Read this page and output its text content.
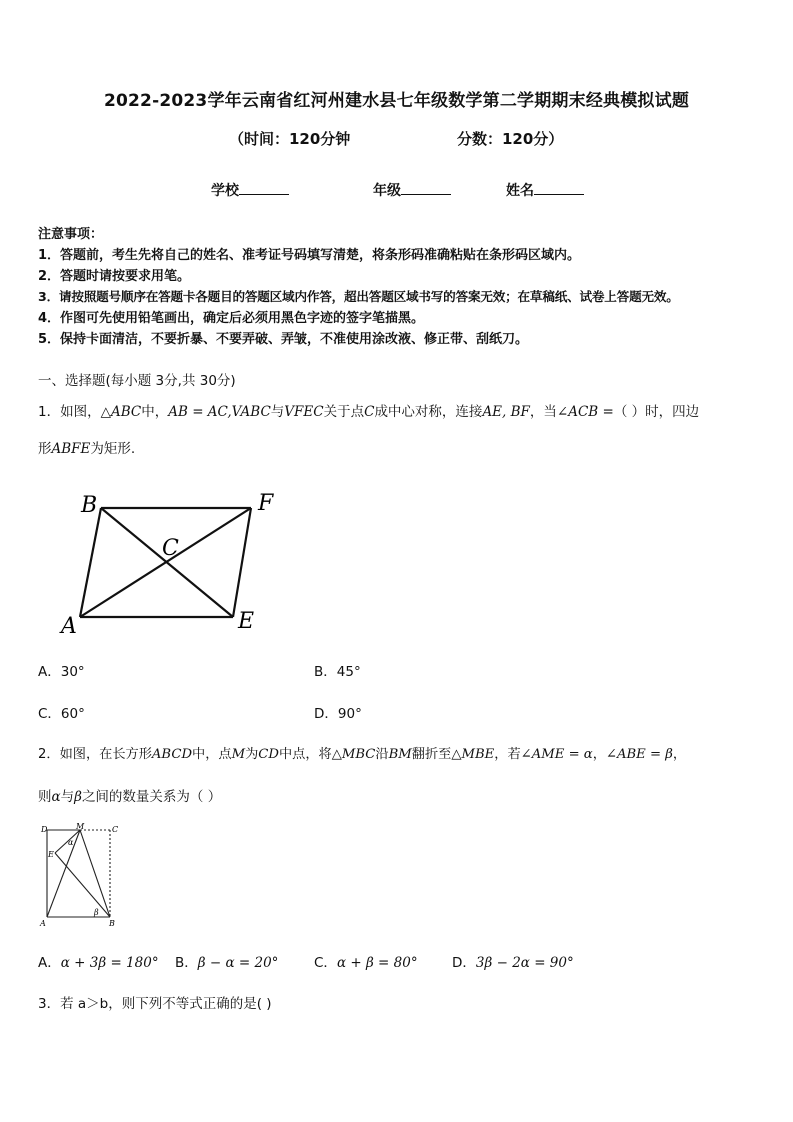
2022-2023学年云南省红河州建水县七年级数学第二学期期末经典模拟试题
（时间：120分钟	分数：120分）
学校	年级	姓名
注意事项：
1．答题前，考生先将自己的姓名、准考证号码填写清楚，将条形码准确粘贴在条形码区域内。
2．答题时请按要求用笔。
3．请按照题号顺序在答题卡各题目的答题区域内作答，超出答题区域书写的答案无效；在草稿纸、试卷上答题无效。
4．作图可先使用铅笔画出，确定后必须用黑色字迹的签字笔描黑。
5．保持卡面清洁，不要折暴、不要弄破、弄皱，不准使用涂改液、修正带、刮纸刀。
一、选择题(每小题 3分,共 30分)
1．如图，△ABC中，AB = AC,VABC与VFEC关于点C成中心对称，连接AE, BF，当∠ACB =（ ）时，四边
形ABFE为矩形.
B	F
C
A	E
A．30°	B．45°
C．60°	D．90°
2．如图，在长方形ABCD中，点M为CD中点，将△MBC沿BM翻折至△MBE，若∠AME = α，∠ABE = β，
则α与β之间的数量关系为（ ）
D	M	C
E
A	B
α
β
A．α + 3β = 180° B．β − α = 20°	C．α + β = 80°	D．3β − 2α = 90°
3．若 a＞b，则下列不等式正确的是( )
